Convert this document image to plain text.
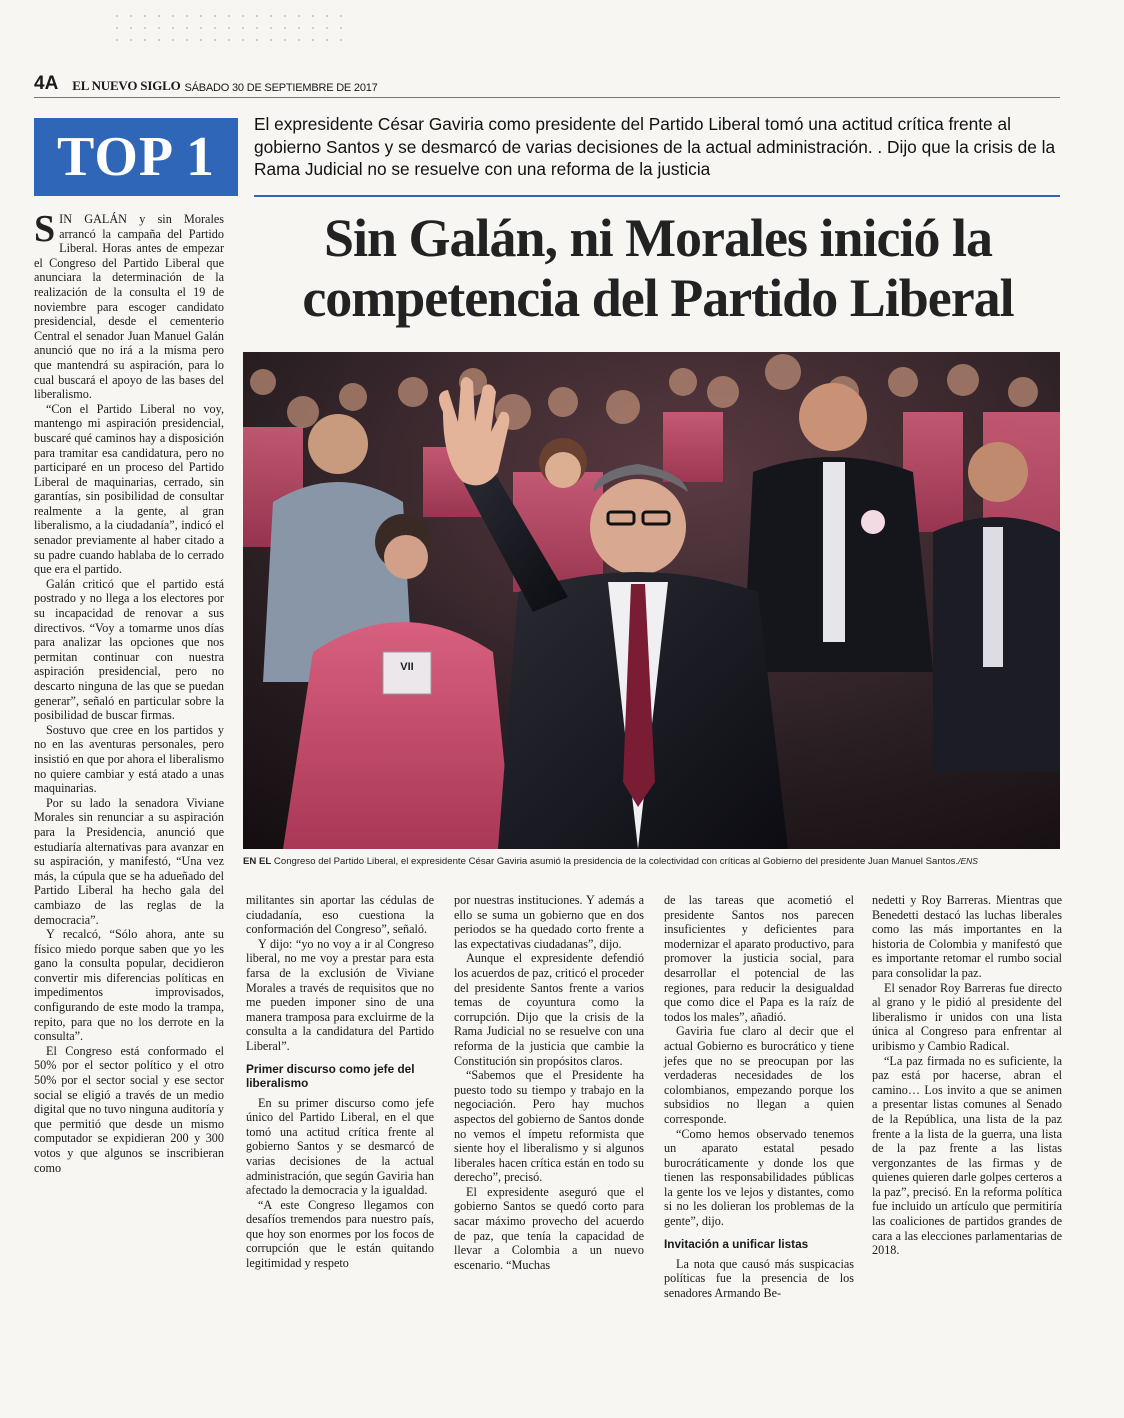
4A EL NUEVO SIGLO SÁBADO 30 DE SEPTIEMBRE DE 2017
TOP 1
El expresidente César Gaviria como presidente del Partido Liberal tomó una actitud crítica frente al gobierno Santos y se desmarcó de varias decisiones de la actual administración. . Dijo que la crisis de la Rama Judicial no se resuelve con una reforma de la justicia
Sin Galán, ni Morales inició la
competencia del Partido Liberal
VII
EN EL Congreso del Partido Liberal, el expresidente César Gaviria asumió la presidencia de la colectividad con críticas al Gobierno del presidente Juan Manuel Santos./ENS

SIN GALÁN y sin Morales arrancó la campaña del Partido Liberal. Horas antes de empezar el Congreso del Partido Liberal que anunciara la determinación de la realización de la consulta el 19 de noviembre para escoger candidato presidencial, desde el cementerio Central el senador Juan Manuel Galán anunció que no irá a la misma pero que mantendrá su aspiración, para lo cual buscará el apoyo de las bases del liberalismo.

“Con el Partido Liberal no voy, mantengo mi aspiración presidencial, buscaré qué caminos hay a disposición para tramitar esa candidatura, pero no participaré en un proceso del Partido Liberal de maquinarias, cerrado, sin garantías, sin posibilidad de consultar realmente a la gente, al gran liberalismo, a la ciudadanía”, indicó el senador previamente al haber citado a su padre cuando hablaba de lo cerrado que era el partido.

Galán criticó que el partido está postrado y no llega a los electores por su incapacidad de renovar a sus directivos. “Voy a tomarme unos días para analizar las opciones que nos permitan continuar con nuestra aspiración presidencial, pero no descarto ninguna de las que se puedan generar”, señaló en particular sobre la posibilidad de buscar firmas.

Sostuvo que cree en los partidos y no en las aventuras personales, pero insistió en que por ahora el liberalismo no quiere cambiar y está atado a unas maquinarias.

Por su lado la senadora Viviane Morales sin renunciar a su aspiración para la Presidencia, anunció que estudiaría alternativas para avanzar en su aspiración, y manifestó, “Una vez más, la cúpula que se ha adueñado del Partido Liberal ha hecho gala del cambiazo de las reglas de la democracia”.

Y recalcó, “Sólo ahora, ante su físico miedo porque saben que yo les gano la consulta popular, decidieron convertir mis diferencias políticas en impedimentos improvisados, configurando de este modo la trampa, repito, para que no los derrote en la consulta”.

El Congreso está conformado el 50% por el sector político y el otro 50% por el sector social y ese sector social se eligió a través de un medio digital que no tuvo ninguna auditoría y que permitió que desde un mismo computador se expidieran 200 y 300 votos y que algunos se inscribieran como

militantes sin aportar las cédulas de ciudadanía, eso cuestiona la conformación del Congreso”, señaló.

Y dijo: “yo no voy a ir al Congreso liberal, no me voy a prestar para esta farsa de la exclusión de Viviane Morales a través de requisitos que no me pueden imponer sino de una manera tramposa para excluirme de la consulta a la candidatura del Partido Liberal”.

Primer discurso como jefe del liberalismo

En su primer discurso como jefe único del Partido Liberal, en el que tomó una actitud crítica frente al gobierno Santos y se desmarcó de varias decisiones de la actual administración, que según Gaviria han afectado la democracia y la igualdad.

“A este Congreso llegamos con desafíos tremendos para nuestro país, que hoy son enormes por los focos de corrupción que le están quitando legitimidad y respeto

por nuestras instituciones. Y además a ello se suma un gobierno que en dos periodos se ha quedado corto frente a las expectativas ciudadanas”, dijo.

Aunque el expresidente defendió los acuerdos de paz, criticó el proceder del presidente Santos frente a varios temas de coyuntura como la corrupción. Dijo que la crisis de la Rama Judicial no se resuelve con una reforma de la justicia que cambie la Constitución sin propósitos claros.

“Sabemos que el Presidente ha puesto todo su tiempo y trabajo en la negociación. Pero hay muchos aspectos del gobierno de Santos donde no vemos el ímpetu reformista que siente hoy el liberalismo y si algunos liberales hacen crítica están en todo su derecho”, precisó.

El expresidente aseguró que el gobierno Santos se quedó corto para sacar máximo provecho del acuerdo de paz, que tenía la capacidad de llevar a Colombia a un nuevo escenario. “Muchas

de las tareas que acometió el presidente Santos nos parecen insuficientes y deficientes para modernizar el aparato productivo, para promover la justicia social, para desarrollar el potencial de las regiones, para reducir la desigualdad que como dice el Papa es la raíz de todos los males”, añadió.

Gaviria fue claro al decir que el actual Gobierno es burocrático y tiene jefes que no se preocupan por las verdaderas necesidades de los colombianos, empezando porque los subsidios no llegan a quien corresponde.

“Como hemos observado tenemos un aparato estatal pesado burocráticamente y donde los que tienen las responsabilidades públicas la gente los ve lejos y distantes, como si no les dolieran los problemas de la gente”, dijo.

Invitación a unificar listas

La nota que causó más suspicacias políticas fue la presencia de los senadores Armando Be-

nedetti y Roy Barreras. Mientras que Benedetti destacó las luchas liberales como las más importantes en la historia de Colombia y manifestó que es importante retomar el rumbo social para consolidar la paz.

El senador Roy Barreras fue directo al grano y le pidió al presidente del liberalismo ir unidos con una lista única al Congreso para enfrentar al uribismo y Cambio Radical.

“La paz firmada no es suficiente, la paz está por hacerse, abran el camino… Los invito a que se animen a presentar listas comunes al Senado de la República, una lista de la paz frente a la lista de la guerra, una lista de la paz frente a las listas vergonzantes de las firmas y de quienes quieren darle golpes certeros a la paz”, precisó. En la reforma política fue incluido un artículo que permitiría las coaliciones de partidos grandes de cara a las elecciones parlamentarias de 2018.
